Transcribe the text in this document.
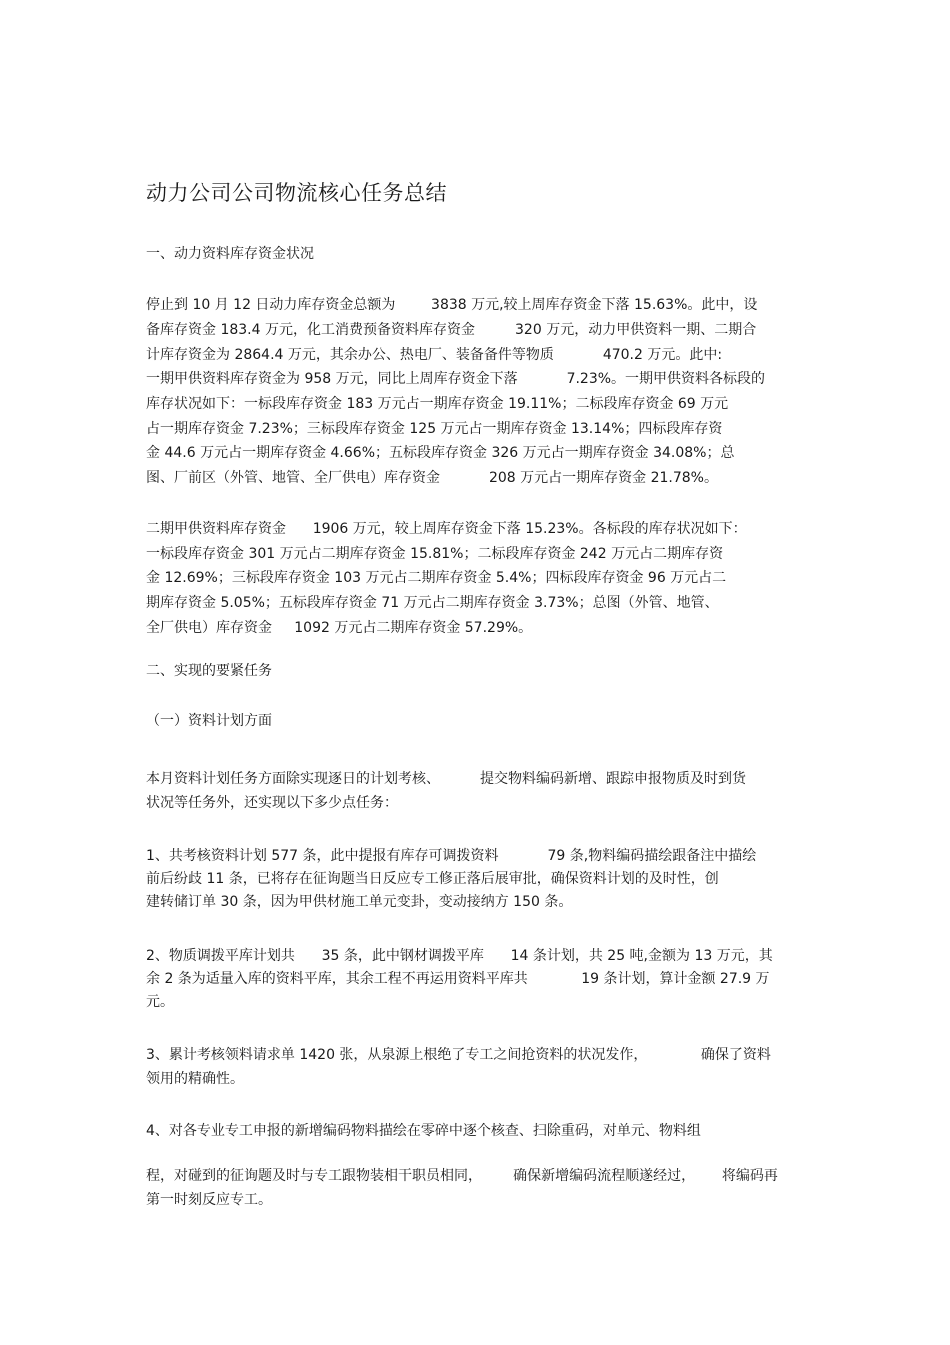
动力公司公司物流核心任务总结
一、动力资料库存资金状况
停止到 10 月 12 日动力库存资金总额为        3838 万元,较上周库存资金下落 15.63%。此中，设
备库存资金 183.4 万元，化工消费预备资料库存资金         320 万元，动力甲供资料一期、二期合
计库存资金为 2864.4 万元，其余办公、热电厂、装备备件等物质           470.2 万元。此中:
一期甲供资料库存资金为 958 万元，同比上周库存资金下落           7.23%。一期甲供资料各标段的
库存状况如下：一标段库存资金 183 万元占一期库存资金 19.11%；二标段库存资金 69 万元
占一期库存资金 7.23%；三标段库存资金 125 万元占一期库存资金 13.14%；四标段库存资
金 44.6 万元占一期库存资金 4.66%；五标段库存资金 326 万元占一期库存资金 34.08%；总
图、厂前区（外管、地管、全厂供电）库存资金           208 万元占一期库存资金 21.78%。
二期甲供资料库存资金      1906 万元，较上周库存资金下落 15.23%。各标段的库存状况如下：
一标段库存资金 301 万元占二期库存资金 15.81%；二标段库存资金 242 万元占二期库存资
金 12.69%；三标段库存资金 103 万元占二期库存资金 5.4%；四标段库存资金 96 万元占二
期库存资金 5.05%；五标段库存资金 71 万元占二期库存资金 3.73%；总图（外管、地管、
全厂供电）库存资金     1092 万元占二期库存资金 57.29%。
二、实现的要紧任务
（一）资料计划方面
本月资料计划任务方面除实现逐日的计划考核、         提交物料编码新增、跟踪申报物质及时到货
状况等任务外，还实现以下多少点任务：
1、共考核资料计划 577 条，此中提报有库存可调拨资料           79 条,物料编码描绘跟备注中描绘
前后纷歧 11 条，已将存在征询题当日反应专工修正落后展审批，确保资料计划的及时性，创
建转储订单 30 条，因为甲供材施工单元变卦，变动接纳方 150 条。
2、物质调拨平库计划共      35 条，此中钢材调拨平库      14 条计划，共 25 吨,金额为 13 万元，其
余 2 条为适量入库的资料平库，其余工程不再运用资料平库共            19 条计划，算计金额 27.9 万
元。
3、累计考核领料请求单 1420 张，从泉源上根绝了专工之间抢资料的状况发作，            确保了资料
领用的精确性。
4、对各专业专工申报的新增编码物料描绘在零碎中逐个核查、扫除重码，对单元、物料组
程，对碰到的征询题及时与专工跟物装相干职员相同，       确保新增编码流程顺遂经过，      将编码再
第一时刻反应专工。
